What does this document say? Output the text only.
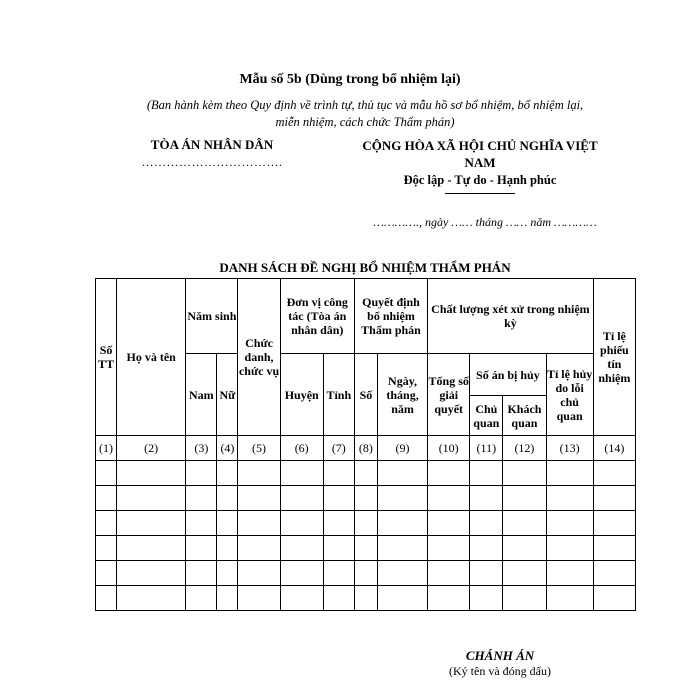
Mẫu số 5b (Dùng trong bổ nhiệm lại)
(Ban hành kèm theo Quy định về trình tự, thủ tục và mẫu hồ sơ bổ nhiệm, bổ nhiệm lại,
miễn nhiệm, cách chức Thẩm phán)
TÒA ÁN NHÂN DÂN
…………………………….
CỘNG HÒA XÃ HỘI CHỦ NGHĨA VIỆT
NAM
Độc lập - Tự do - Hạnh phúc
…………., ngày …… tháng …… năm …………
DANH SÁCH ĐỀ NGHỊ BỔ NHIỆM THẨM PHÁN
Số TT	Họ và tên	Năm sinh		Chức danh, chức vụ	Đơn vị công tác (Tòa án nhân dân)		Quyết định bổ nhiệm Thẩm phán		Chất lượng xét xử trong nhiệm kỳ				Tỉ lệ phiếu tín nhiệm
		Nam	Nữ		Huyện	Tỉnh	Số	Ngày, tháng, năm	Tổng số giải quyết	Số án bị hủy		Tỉ lệ hủy do lỗi chủ quan	
										Chủ quan	Khách quan		
(1)	(2)	(3)	(4)	(5)	(6)	(7)	(8)	(9)	(10)	(11)	(12)	(13)	(14)

CHÁNH ÁN
(Ký tên và đóng dấu)
